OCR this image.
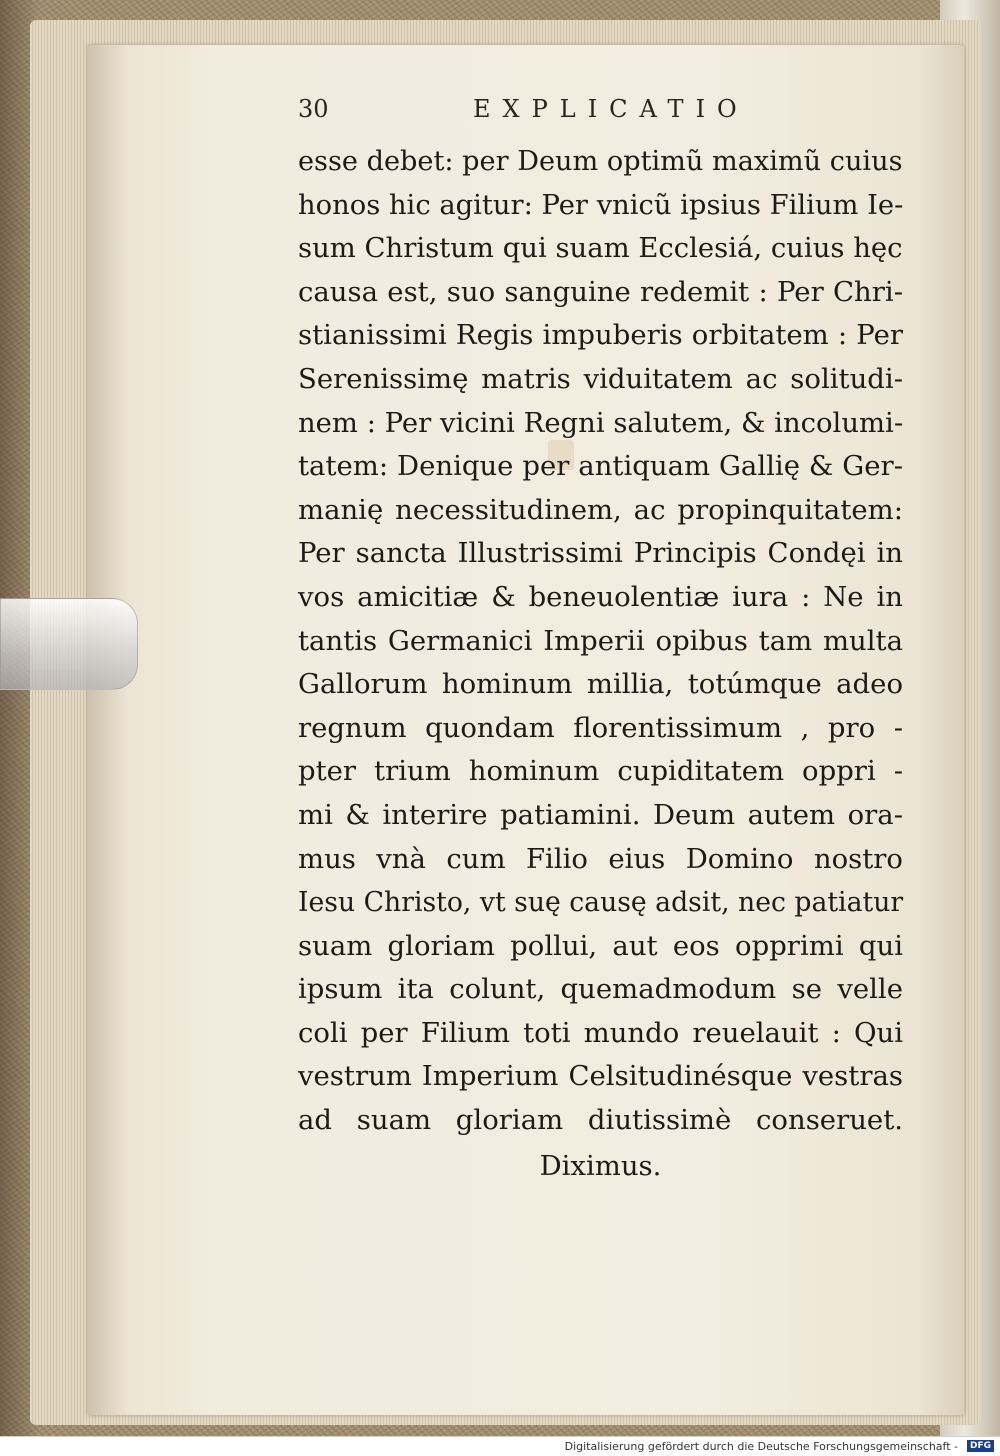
30	EXPLICATIO
esse debet: per Deum optimũ maximũ cuius
honos hic agitur: Per vnicũ ipsius Filium Ie-
sum Christum qui suam Ecclesiá, cuius hęc
causa est, suo sanguine redemit : Per Chri-
stianissimi Regis impuberis orbitatem : Per
Serenissimę matris viduitatem ac solitudi-
nem : Per vicini Regni salutem, & incolumi-
tatem: Denique per antiquam Gallię & Ger-
manię necessitudinem, ac propinquitatem:
Per sancta Illustrissimi Principis Condęi in
vos amicitiæ & beneuolentiæ iura : Ne in
tantis Germanici Imperii opibus tam multa
Gallorum hominum millia, totúmque adeo
regnum quondam florentissimum , pro -
pter trium hominum cupiditatem oppri -
mi & interire patiamini. Deum autem ora-
mus vnà cum Filio eius Domino nostro
Iesu Christo, vt suę causę adsit, nec patiatur
suam gloriam pollui, aut eos opprimi qui
ipsum ita colunt, quemadmodum se velle
coli per Filium toti mundo reuelauit : Qui
vestrum Imperium Celsitudinésque vestras
ad suam gloriam diutissimè conseruet.
Diximus.
Digitalisierung gefördert durch die Deutsche Forschungsgemeinschaft -	DFG
